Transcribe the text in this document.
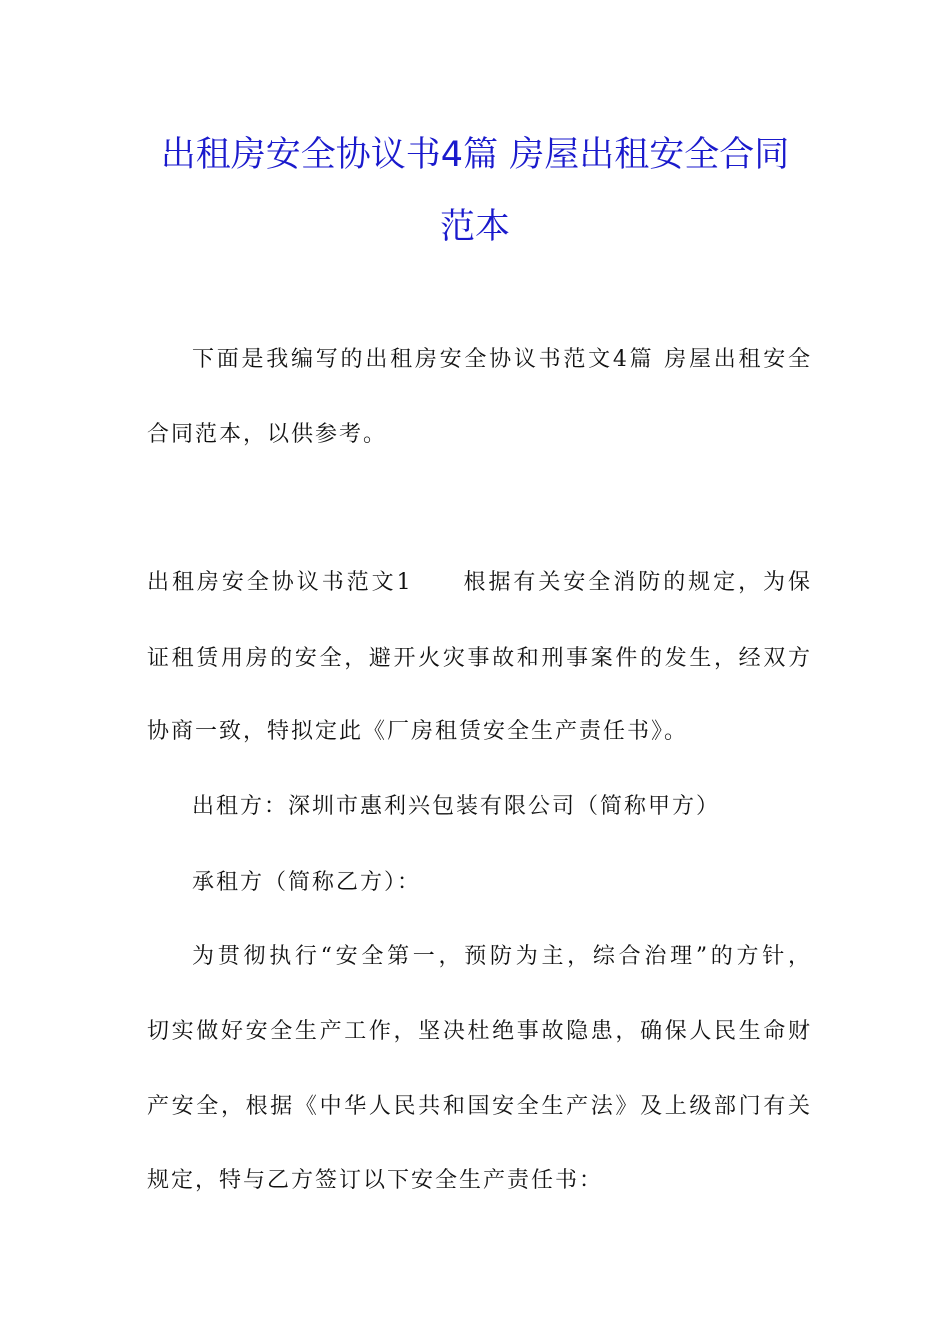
出租房安全协议书4篇 房屋出租安全合同
范本
下面是我编写的出租房安全协议书范文4篇 房屋出租安全
合同范本，以供参考。
出租房安全协议书范文1　　根据有关安全消防的规定，为保
证租赁用房的安全，避开火灾事故和刑事案件的发生，经双方
协商一致，特拟定此《厂房租赁安全生产责任书》。
出租方：深圳市惠利兴包装有限公司（简称甲方）
承租方（简称乙方）：
为贯彻执行“安全第一，预防为主，综合治理”的方针，
切实做好安全生产工作，坚决杜绝事故隐患，确保人民生命财
产安全，根据《中华人民共和国安全生产法》及上级部门有关
规定，特与乙方签订以下安全生产责任书：
